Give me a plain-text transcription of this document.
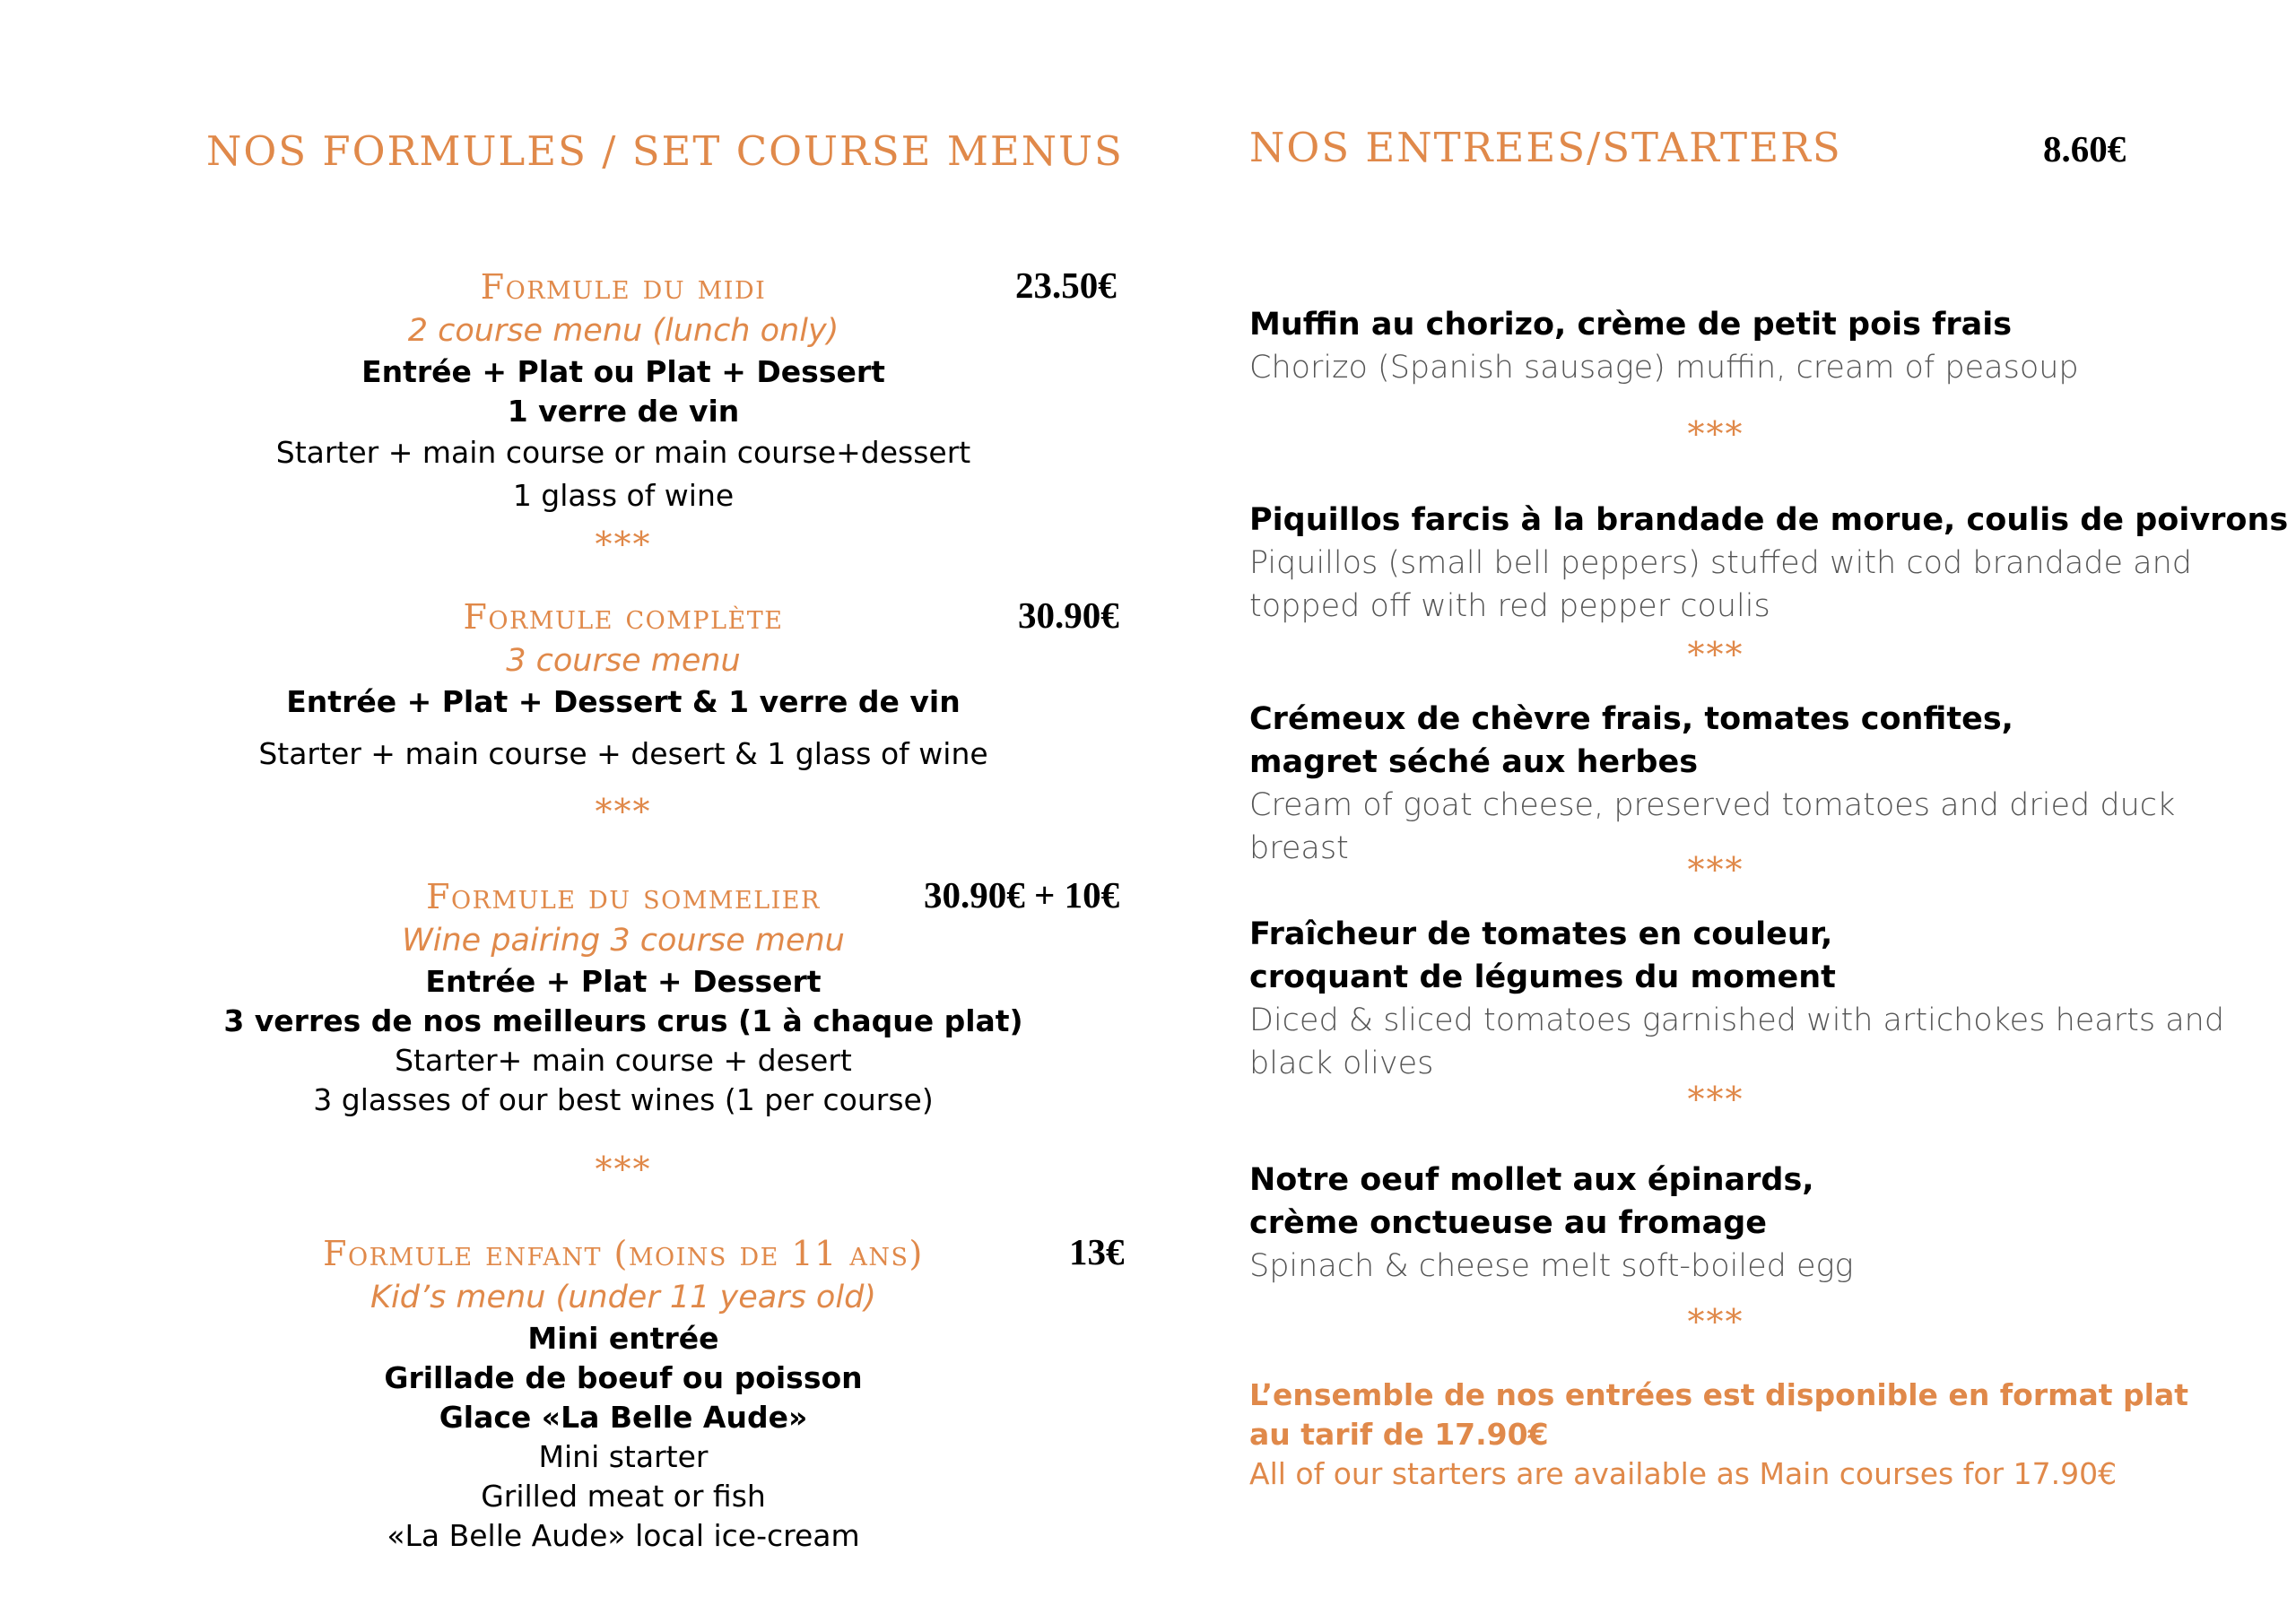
NOS FORMULES / SET COURSE MENUS
23.50€
Formule du midi
2 course menu (lunch only)
Entrée + Plat ou Plat + Dessert
1 verre de vin
Starter + main course or main course+dessert
1 glass of wine
***
30.90€
Formule complète
3 course menu
Entrée + Plat + Dessert & 1 verre de vin
Starter + main course + desert & 1 glass of wine
***
30.90€ + 10€
Formule du sommelier
Wine pairing 3 course menu
Entrée + Plat + Dessert
3 verres de nos meilleurs crus (1 à chaque plat)
Starter+ main course + desert
3 glasses of our best wines (1 per course)
***
13€
Formule enfant (moins de 11 ans)
Kid’s menu (under 11 years old)
Mini entrée
Grillade de boeuf ou poisson
Glace «La Belle Aude»
Mini starter
Grilled meat or fish
«La Belle Aude» local ice-cream
NOS ENTREES/STARTERS	8.60€
Muffin au chorizo, crème de petit pois frais
Chorizo (Spanish sausage) muffin, cream of peasoup
***
Piquillos farcis à la brandade de morue, coulis de poivrons
Piquillos (small bell peppers) stuffed with cod brandade and topped off with red pepper coulis
***
Crémeux de chèvre frais, tomates confites,
magret séché aux herbes
Cream of goat cheese, preserved tomatoes and dried duck breast
***
Fraîcheur de tomates en couleur,
croquant de légumes du moment
Diced & sliced tomatoes garnished with artichokes hearts and black olives
***
Notre oeuf mollet aux épinards,
crème onctueuse au fromage
Spinach & cheese melt soft-boiled egg
***
L’ensemble de nos entrées est disponible en format plat au tarif de 17.90€
All of our starters are available as Main courses for 17.90€
